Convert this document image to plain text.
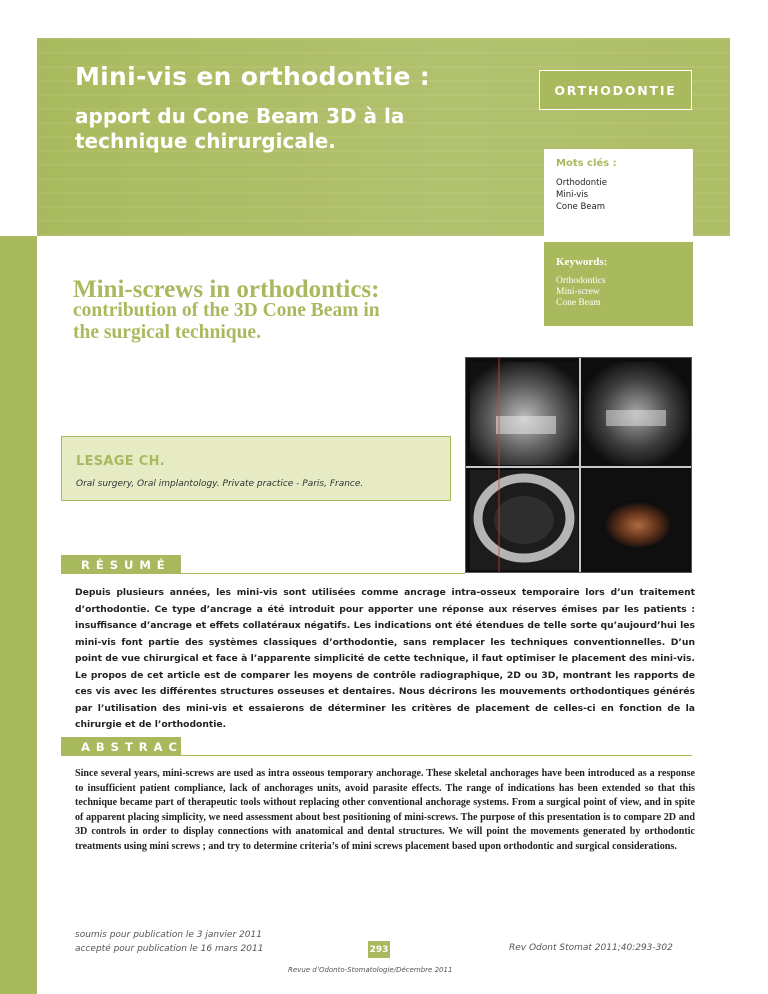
Mini-vis en orthodontie :
apport du Cone Beam 3D à la technique chirurgicale.
ORTHODONTIE
Mots clés :
Orthodontie
Mini-vis
Cone Beam
Keywords:
Orthodontics
Mini-screw
Cone Beam
Mini-screws in orthodontics:
contribution of the 3D Cone Beam in the surgical technique.
LESAGE CH.
Oral surgery, Oral implantology. Private practice - Paris, France.
RÉSUMÉ

Depuis plusieurs années, les mini-vis sont utilisées comme ancrage intra-osseux temporaire lors d’un traitement d’orthodontie. Ce type d’ancrage a été introduit pour apporter une réponse aux réserves émises par les patients : insuffisance d’ancrage et effets collatéraux négatifs. Les indications ont été étendues de telle sorte qu’aujourd’hui les mini-vis font partie des systèmes classiques d’orthodontie, sans remplacer les techniques conventionnelles. D’un point de vue chirurgical et face à l’apparente simplicité de cette technique, il faut optimiser le placement des mini-vis. Le propos de cet article est de comparer les moyens de contrôle radiographique, 2D ou 3D, montrant les rapports de ces vis avec les différentes structures osseuses et dentaires. Nous décrirons les mouvements orthodontiques générés par l’utilisation des mini-vis et essaierons de déterminer les critères de placement de celles-ci en fonction de la chirurgie et de l’orthodontie.

ABSTRACT

Since several years, mini-screws are used as intra osseous temporary anchorage. These skeletal anchorages have been introduced as a response to insufficient patient compliance, lack of anchorages units, avoid parasite effects. The range of indications has been extended so that this technique became part of therapeutic tools without replacing other conventional anchorage systems. From a surgical point of view, and in spite of apparent placing simplicity, we need assessment about best positioning of mini-screws. The purpose of this presentation is to compare 2D and 3D controls in order to display connections with anatomical and dental structures. We will point the movements generated by orthodontic treatments using mini screws ; and try to determine criteria’s of mini screws placement based upon orthodontic and surgical considerations.

soumis pour publication le 3 janvier 2011
accepté pour publication le 16 mars 2011	293
Revue d’Odonto-Stomatologie/Décembre 2011
Rev Odont Stomat 2011;40:293-302
